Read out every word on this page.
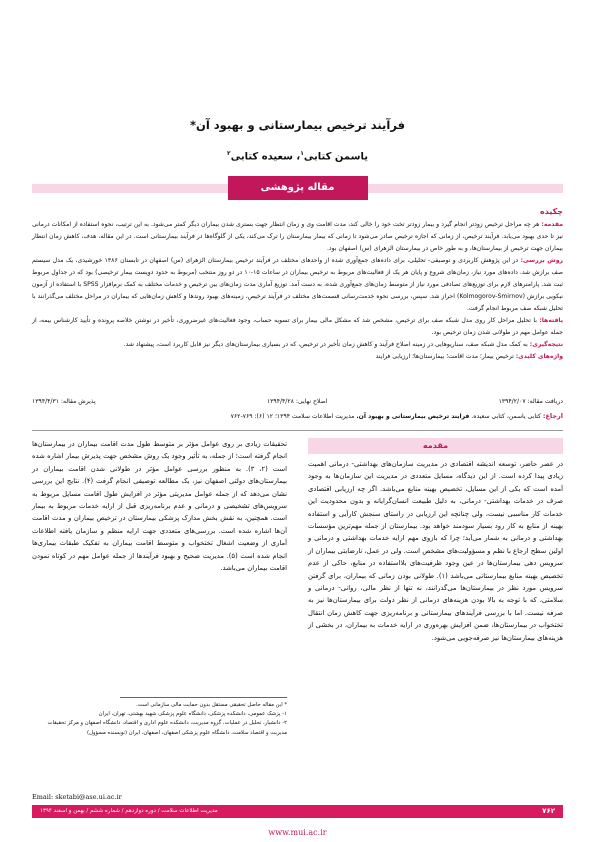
فرآیند ترخیص بیمارستانی و بهبود آن*
یاسمن کتابی$^۱$، سعیده کتابی$^۲$
مقاله پژوهشی
چکیده

مقدمه: هر چه مراحل ترخیص زودتر انجام گیرد و بیمار زودتر تخت خود را خالی کند، مدت اقامت وی و زمان انتظار جهت بستری شدن بیماران دیگر کمتر می‌شود. به این ترتیب، نحوه استفاده از امکانات درمانی نیز تا حدی بهبود می‌یابد. فرآیند ترخیص، از زمانی که اجازه ترخیص صادر می‌شود تا زمانی که بیمار بیمارستان را ترک می‌کند، یکی از گلوگاه‌ها در فرآیند بیمارستانی است. در این مقاله، هدف، کاهش زمان انتظار بیماران جهت ترخیص از بیمارستان‌ها، و به طور خاص در بیمارستان الزهرای (س) اصفهان بود.

روش بررسی: در این پژوهش کاربردی و توصیفی- تحلیلی، برای داده‌های جمع‌آوری شده از واحدهای مختلف در فرآیند ترخیص بیمارستان الزهرای (س) اصفهان در تابستان ۱۳۸۶ خورشیدی، یک مدل سیستم صف برازش شد. داده‌های مورد نیاز، زمان‌های شروع و پایان هر یک از فعالیت‌های مربوط به ترخیص بیماران در ساعات ۱۵-۱۰ در دو روز منتخب (مربوط به حدود دویست بیمار ترخیصی) بود که در جداول مربوط ثبت شد. پارامترهای لازم برای توزیع‌های تصادفی مورد نیاز از متوسط زمان‌های جمع‌آوری شده، به دست آمد. توزیع آماری مدت زمان‌های بین ترخیص و خدمات مختلف به کمک نرم‌افزار SPSS با استفاده از آزمون نیکویی برازش (Kolmogorov-Smirnov) احراز شد. سپس، بررسی نحوه خدمت‌رسانی قسمت‌های مختلف در فرآیند ترخیص، زمینه‌های بهبود روندها و کاهش زمان‌هایی که بیماران در مراحل مختلف می‌گذرانند با تحلیل شبکه صف مربوط انجام گرفت.

یافته‌ها: با تحلیل مراحل کار روی مدل شبکه صف برای ترخیص، مشخص شد که مشکل مالی بیمار برای تسویه حساب، وجود فعالیت‌های غیرضروری، تأخیر در نوشتن خلاصه پرونده و تأیید کارشناس بیمه، از جمله عوامل مهم در طولانی شدن زمان ترخیص بود.

نتیجه‌گیری: به کمک مدل شبکه صف، سناریوهایی در زمینه اصلاح فرآیند و کاهش زمان تأخیر در ترخیص، که در بسیاری بیمارستان‌های دیگر نیز قابل کاربرد است، پیشنهاد شد.

واژه‌های کلیدی: ترخیص بیمار؛ مدت اقامت؛ بیمارستان‌ها؛ ارزیابی فرایند

دریافت مقاله: ۱۳۹۴/۲/۰۷
اصلاح نهایی: ۱۳۹۴/۴/۲۸
پذیرش مقاله: ۱۳۹۴/۴/۳۱
ارجاع: کتابی یاسمن، کتابی سعیده. فرایند ترخیص بیمارستانی و بهبود آن. مدیریت اطلاعات سلامت ۱۳۹۴؛ ۱۲ (۶): ۷۶۹-۷۶۲
مقدمه

در عصر حاضر، توسعه اندیشه اقتصادی در مدیریت سازمان‌های بهداشتی- درمانی اهمیت زیادی پیدا کرده است. از این دیدگاه، مسایل متعددی در مدیریت این سازمان‌ها به وجود آمده است که یکی از این مسایل، تخصیص بهینه منابع می‌باشد. اگر چه ارزیابی اقتصادی صرف در خدمات بهداشتی- درمانی، به دلیل طبیعت انسان‌گرایانه و بدون محدودیت این خدمات کار مناسبی نیست، ولی چنانچه این ارزیابی در راستای سنجش کارآیی و استفاده بهینه از منابع به کار رود بسیار سودمند خواهد بود. بیمارستان از جمله مهم‌ترین مؤسسات بهداشتی و درمانی به شمار می‌آید؛ چرا که بازوی مهم ارایه خدمات بهداشتی و درمانی و اولین سطح ارجاع با نظم و مسؤولیت‌های مشخص است. ولی در عمل، نارضایتی بیماران از سرویس دهی بیمارستان‌ها در عین وجود ظرفیت‌های بلااستفاده در منابع، حاکی از عدم تخصیص بهینه منابع بیمارستانی می‌باشد (۱). طولانی بودن زمانی که بیماران، برای گرفتن سرویس مورد نظر در بیمارستان‌ها می‌گذرانند، نه تنها از نظر مالی، روانی- درمانی و سلامتی، که با توجه به بالا بودن هزینه‌های درمانی از نظر دولت برای بیمارستان‌ها نیز به صرفه نیست. اما با بررسی فرآیندهای بیمارستانی و برنامه‌ریزی جهت کاهش زمان انتقال تختخواب در بیمارستان‌ها، ضمن افزایش بهره‌وری در ارایه خدمات به بیماران، در بخشی از هزینه‌های بیمارستان‌ها نیز صرفه‌جویی می‌شود.

تحقیقات زیادی بر روی عوامل مؤثر بر متوسط طول مدت اقامت بیماران در بیمارستان‌ها انجام گرفته است؛ از جمله، به تأثیر وجود یک روش مشخص جهت پذیرش بیمار اشاره شده است (۲، ۳). به منظور بررسی عوامل مؤثر در طولانی شدن اقامت بیماران در بیمارستان‌های دولتی اصفهان نیز، یک مطالعه توصیفی انجام گرفت (۴). نتایج این بررسی نشان می‌دهد که از جمله عوامل مدیریتی مؤثر در افزایش طول اقامت مسایل مربوط به سرویس‌های تشخیصی و درمانی و عدم برنامه‌ریزی قبل از ارایه خدمات مربوط به بیمار است. همچنین، به نقش بخش مدارک پزشکی بیمارستان در ترخیص بیماران و مدت اقامت آن‌ها اشاره شده است. بررسی‌های متعددی جهت ارایه منظم و سازمان یافته اطلاعات آماری از وضعیت اشغال تختخواب و متوسط اقامت بیماران به تفکیک طبقات بیماری‌ها انجام شده است (۵). مدیریت صحیح و بهبود فرآیندها از جمله عوامل مهم در کوتاه نمودن اقامت بیماران می‌باشد.

* این مقاله حاصل تحقیقی مستقل بدون حمایت مالی سازمانی است.

۱- پزشک عمومی، دانشکده پزشکی، دانشگاه علوم پزشکی شهید بهشتی، تهران، ایران

۲- دانشیار، تحلیل در عملیات، گروه مدیریت، دانشکده علوم اداری و اقتصاد، دانشگاه اصفهان و مرکز تحقیقات مدیریت و اقتصاد سلامت، دانشگاه علوم پزشکی اصفهان، اصفهان، ایران (نویسنده مسؤول)

Email: sketabi@ase.ui.ac.ir
۷۶۲
مدیریت اطلاعات سلامت / دوره دوازدهم / شماره ششم / بهمن و اسفند ۱۳۹۴
www.mui.ac.ir
